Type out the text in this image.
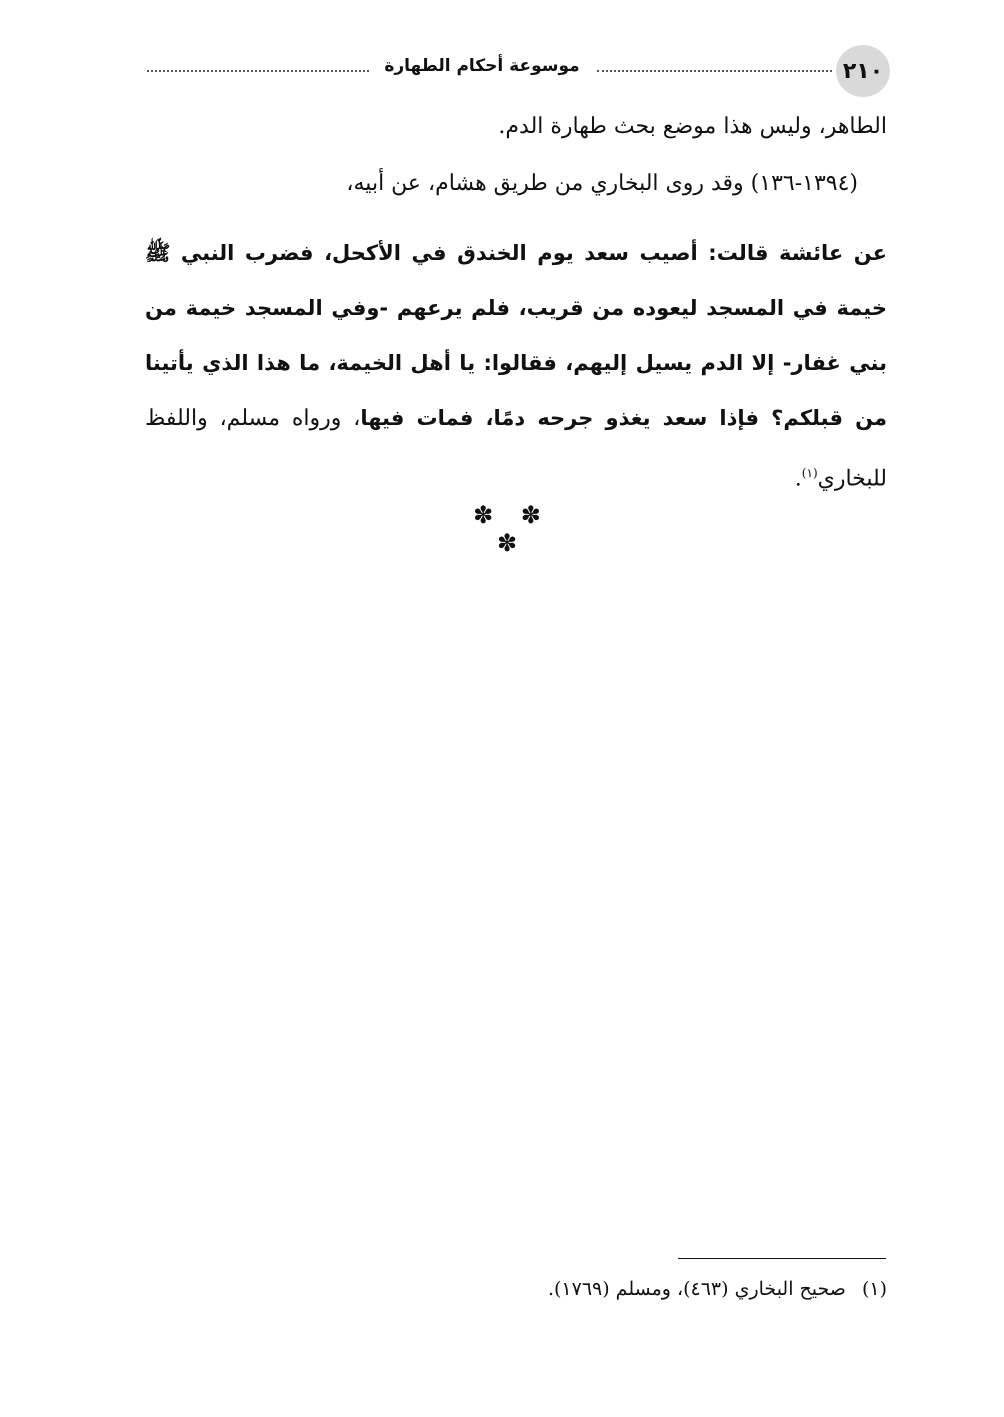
موسوعة أحكام الطهارة	٢١٠
الطاهر، وليس هذا موضع بحث طهارة الدم.
(١٣٩٤-١٣٦) وقد روى البخاري من طريق هشام، عن أبيه،
عن عائشة قالت: أصيب سعد يوم الخندق في الأكحل، فضرب النبي ﷺ خيمة في المسجد ليعوده من قريب، فلم يرعهم -وفي المسجد خيمة من بني غفار- إلا الدم يسيل إليهم، فقالوا: يا أهل الخيمة، ما هذا الذي يأتينا من قبلكم؟ فإذا سعد يغذو جرحه دمًا، فمات فيها، ورواه مسلم، واللفظ للبخاري$^{(١)}$.
✽ ✽ ✽
(١)صحيح البخاري (٤٦٣)، ومسلم (١٧٦٩).
